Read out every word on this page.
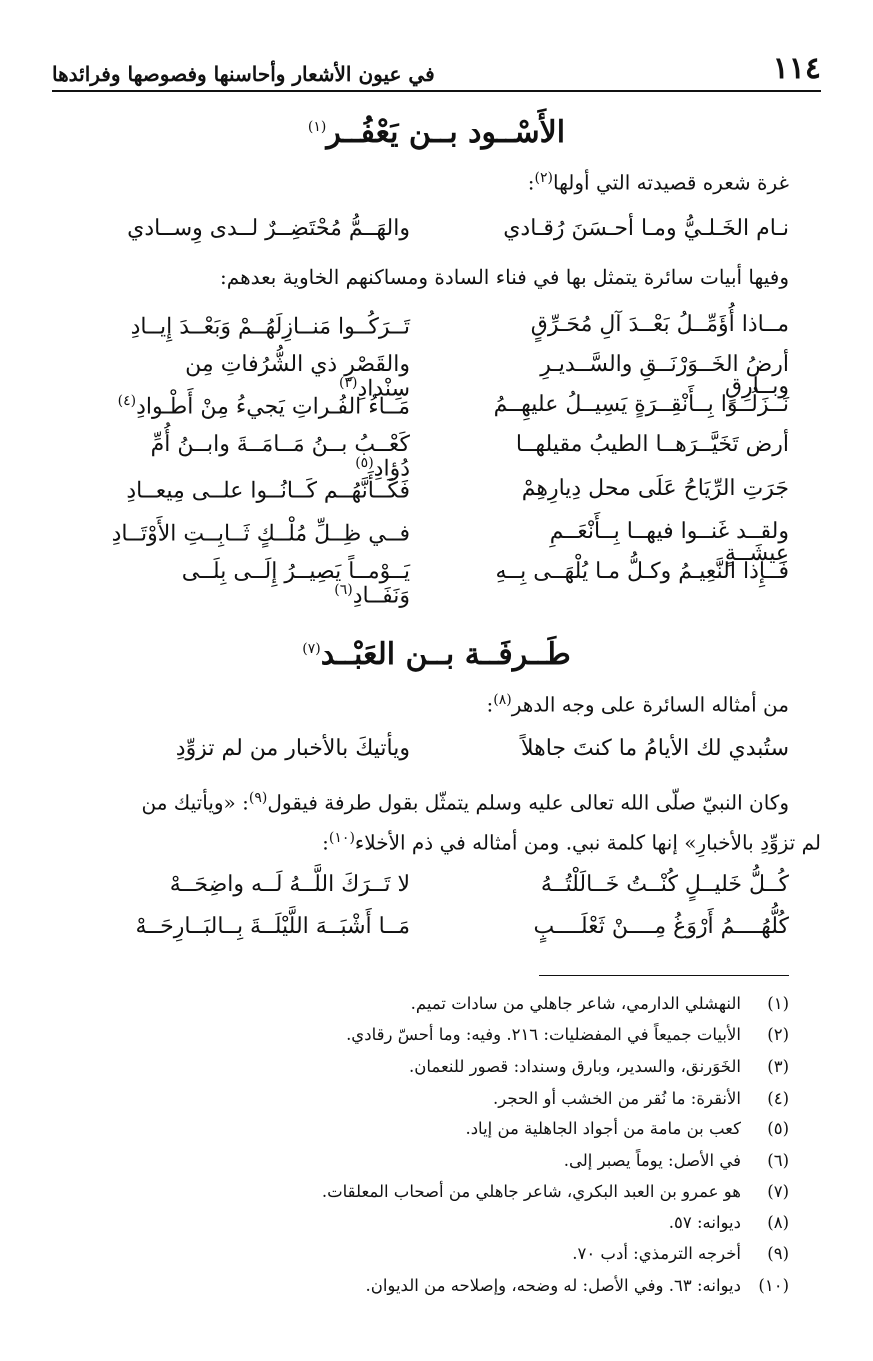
١١٤
في عيون الأشعار وأحاسنها وفصوصها وفرائدها
الأَسْــود بــن يَعْفُــر$^{(١)}$
غرة شعره قصيدته التي أولها$^{(٢)}$:
نـام الخَـلـيُّ ومـا أحـسَنَ رُقـادي
والهَــمُّ مُحْتَضِــرٌ لــدى وِســادي
وفيها أبيات سائرة يتمثل بها في فناء السادة ومساكنهم الخاوية بعدهم:
مــاذا أُؤَمِّــلُ بَعْــدَ آلِ مُحَـرِّقٍ
تَــرَكُــوا مَنــازِلَهُــمْ وَبَعْــدَ إِيــادِ
أرضُ الخَــوَرْنَــقِ والسَّــديـرِ وبــارِقٍ
والقَصْرِ ذي الشُّرُفاتِ مِن سِنْدادِ$^{(٣)}$
نَــزَلُــوا بِــأَنْقِــرَةٍ يَسِيــلُ عليهِــمُ
مَــاءُ الفُـراتِ يَجيءُ مِنْ أَطْـوادِ$^{(٤)}$
أرض تَخَيَّــرَهــا الطيبُ مقيلهــا
كَعْــبُ بــنُ مَــامَــةَ وابــنُ أُمِّ دُؤادِ$^{(٥)}$
جَرَتِ الرِّيَاحُ عَلَى محل دِيارِهِمْ
فَكَــأَنَّهُــم كَــانُــوا علــى مِيعــادِ
ولقــد غَنــوا فيهــا بِــأَنْعَــمِ عِيشَــةٍ
فــي ظِــلِّ مُلْــكٍ ثَــابِــتِ الأَوْتَــادِ
فَــإِذا النَّعِيـمُ وكـلُّ مـا يُلْهَــى بِــهِ
يَــوْمــاً يَصِيــرُ إِلَــى بِلَــى وَنَفَــادِ$^{(٦)}$
طَــرفَــة بــن العَبْــد$^{(٧)}$
من أمثاله السائرة على وجه الدهر$^{(٨)}$:
ستُبدي لك الأيامُ ما كنتَ جاهلاً
ويأتيكَ بالأخبار من لم تزوِّدِ
وكان النبيّ صلّى الله تعالى عليه وسلم يتمثّل بقول طرفة فيقول$^{(٩)}$: «ويأتيك من
لم تزوِّدِ بالأخبارِ» إنها كلمة نبي. ومن أمثاله في ذم الأخلاء$^{(١٠)}$:
كُــلُّ خَليــلٍ كُنْــتُ خَــالَلْتُــهُ
لا تَــرَكَ اللَّــهُ لَــه واضِحَــهْ
كُلُّهُــــمُ أَرْوَغُ مِــــنْ ثَعْلَــــبٍ
مَــا أَشْبَــهَ اللَّيْلَــةَ بِــالبَــارِحَــهْ
(١)
النهشلي الدارمي، شاعر جاهلي من سادات تميم.
(٢)
الأبيات جميعاً في المفضليات: ٢١٦. وفيه: وما أحسّ رقادي.
(٣)
الخَوَرنق، والسدير، وبارق وسنداد: قصور للنعمان.
(٤)
الأنقرة: ما نُقر من الخشب أو الحجر.
(٥)
كعب بن مامة من أجواد الجاهلية من إياد.
(٦)
في الأصل: يوماً يصبر إلى.
(٧)
هو عمرو بن العبد البكري، شاعر جاهلي من أصحاب المعلقات.
(٨)
ديوانه: ٥٧.
(٩)
أخرجه الترمذي: أدب ٧٠.
(١٠)
ديوانه: ٦٣. وفي الأصل: له وضحه، وإصلاحه من الديوان.
